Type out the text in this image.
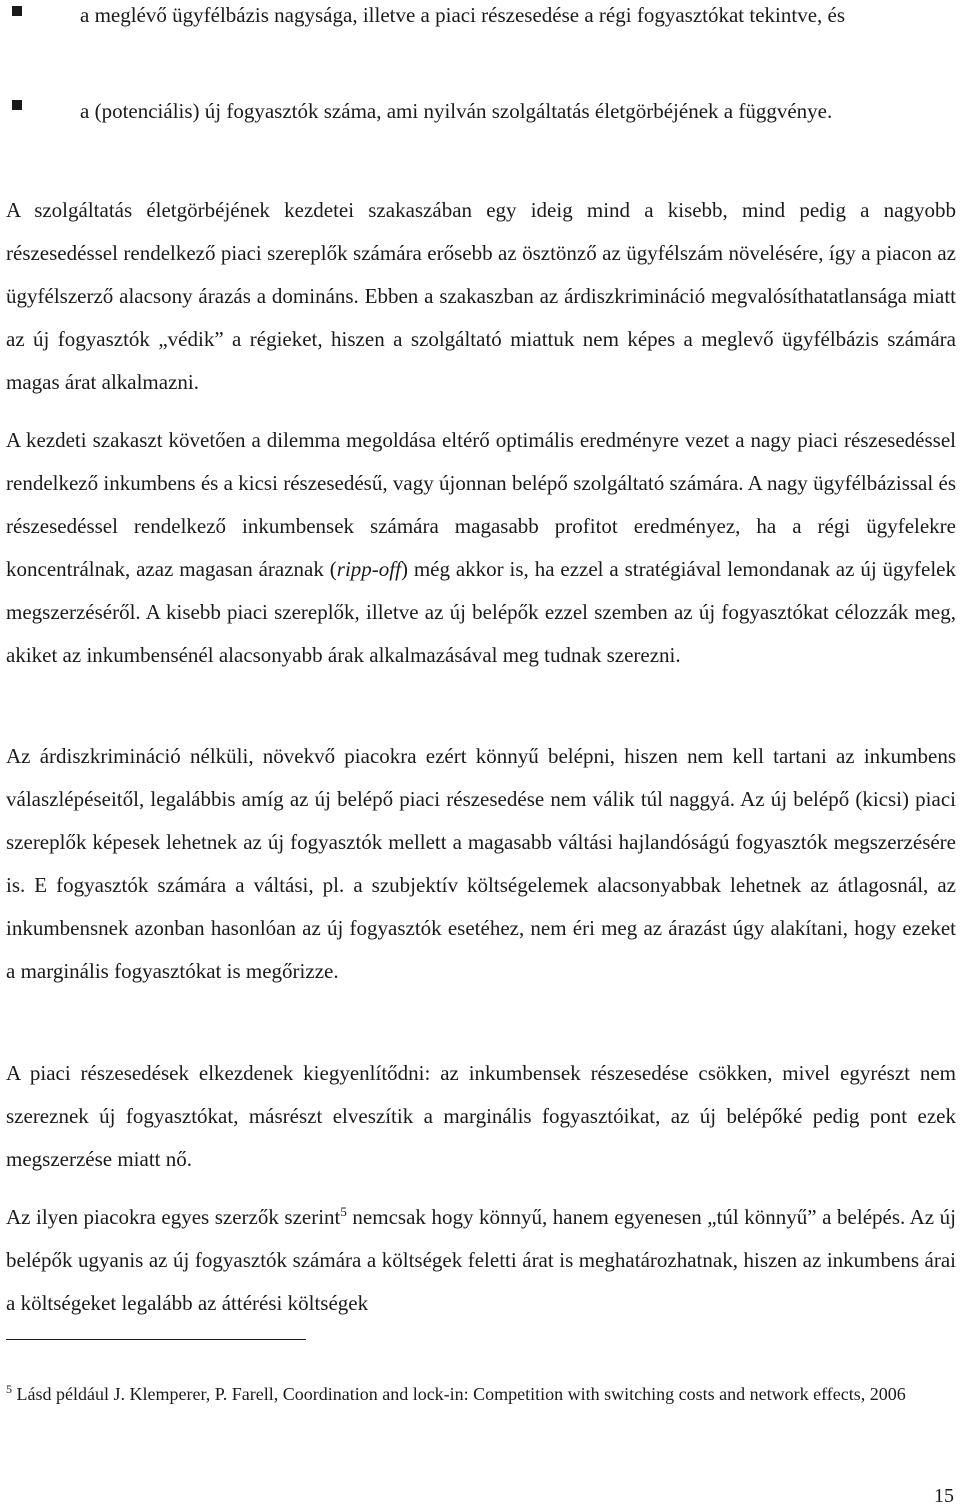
a meglévő ügyfélbázis nagysága, illetve a piaci részesedése a régi fogyasztókat tekintve, és
a (potenciális) új fogyasztók száma, ami nyilván szolgáltatás életgörbéjének a függvénye.

A szolgáltatás életgörbéjének kezdetei szakaszában egy ideig mind a kisebb, mind pedig a nagyobb részesedéssel rendelkező piaci szereplők számára erősebb az ösztönző az ügyfélszám növelésére, így a piacon az ügyfélszerző alacsony árazás a domináns. Ebben a szakaszban az árdiszkrimináció megvalósíthatatlansága miatt az új fogyasztók „védik” a régieket, hiszen a szolgáltató miattuk nem képes a meglevő ügyfélbázis számára magas árat alkalmazni.

A kezdeti szakaszt követően a dilemma megoldása eltérő optimális eredményre vezet a nagy piaci részesedéssel rendelkező inkumbens és a kicsi részesedésű, vagy újonnan belépő szolgáltató számára. A nagy ügyfélbázissal és részesedéssel rendelkező inkumbensek számára magasabb profitot eredményez, ha a régi ügyfelekre koncentrálnak, azaz magasan áraznak (ripp-off) még akkor is, ha ezzel a stratégiával lemondanak az új ügyfelek megszerzéséről. A kisebb piaci szereplők, illetve az új belépők ezzel szemben az új fogyasztókat célozzák meg, akiket az inkumbensénél alacsonyabb árak alkalmazásával meg tudnak szerezni.

Az árdiszkrimináció nélküli, növekvő piacokra ezért könnyű belépni, hiszen nem kell tartani az inkumbens válaszlépéseitől, legalábbis amíg az új belépő piaci részesedése nem válik túl naggyá. Az új belépő (kicsi) piaci szereplők képesek lehetnek az új fogyasztók mellett a magasabb váltási hajlandóságú fogyasztók megszerzésére is. E fogyasztók számára a váltási, pl. a szubjektív költségelemek alacsonyabbak lehetnek az átlagosnál, az inkumbensnek azonban hasonlóan az új fogyasztók esetéhez, nem éri meg az árazást úgy alakítani, hogy ezeket a marginális fogyasztókat is megőrizze.

A piaci részesedések elkezdenek kiegyenlítődni: az inkumbensek részesedése csökken, mivel egyrészt nem szereznek új fogyasztókat, másrészt elveszítik a marginális fogyasztóikat, az új belépőké pedig pont ezek megszerzése miatt nő.

Az ilyen piacokra egyes szerzők szerint$^5$ nemcsak hogy könnyű, hanem egyenesen „túl könnyű” a belépés. Az új belépők ugyanis az új fogyasztók számára a költségek feletti árat is meghatározhatnak, hiszen az inkumbens árai a költségeket legalább az áttérési költségek

$^5$ Lásd például J. Klemperer, P. Farell, Coordination and lock-in: Competition with switching costs and network effects, 2006
15
